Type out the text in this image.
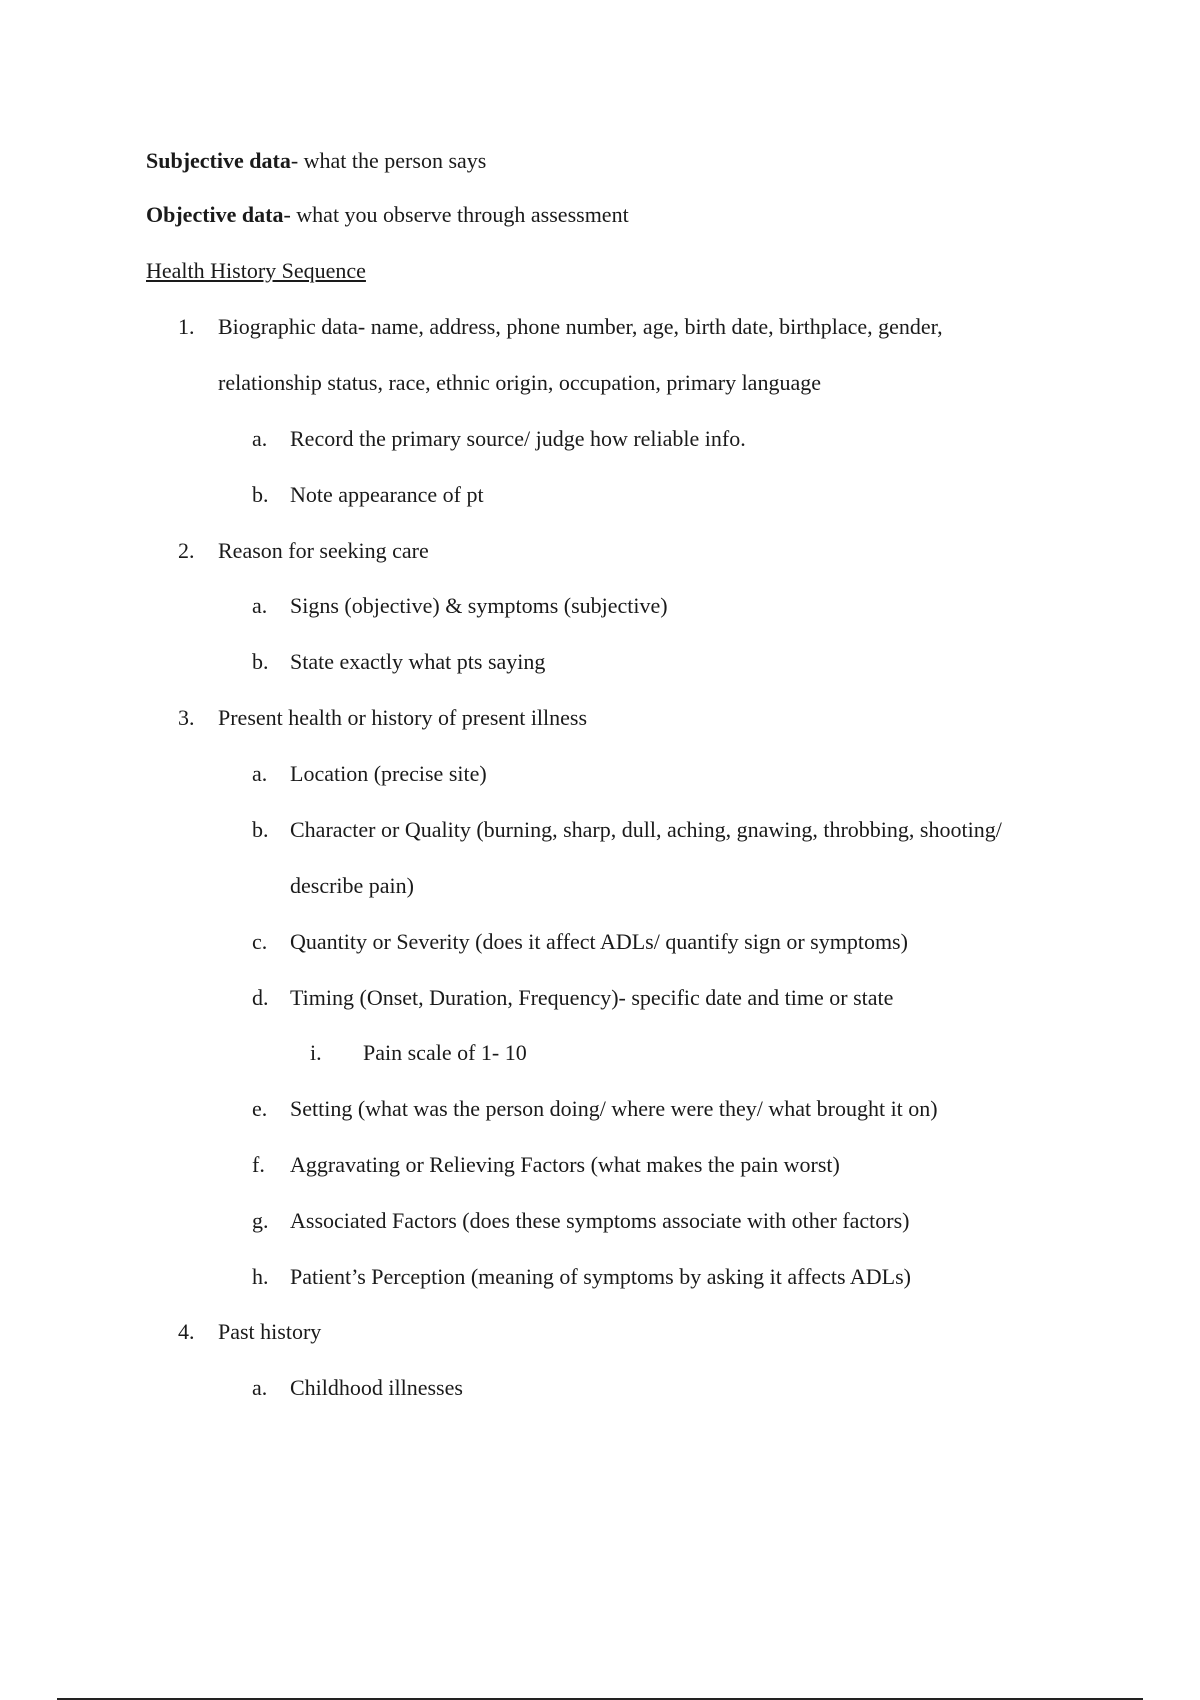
Subjective data- what the person says
Objective data- what you observe through assessment
Health History Sequence
1. Biographic data- name, address, phone number, age, birth date, birthplace, gender,
relationship status, race, ethnic origin, occupation, primary language
a. Record the primary source/ judge how reliable info.
b. Note appearance of pt
2. Reason for seeking care
a. Signs (objective) & symptoms (subjective)
b. State exactly what pts saying
3. Present health or history of present illness
a. Location (precise site)
b. Character or Quality (burning, sharp, dull, aching, gnawing, throbbing, shooting/
describe pain)
c. Quantity or Severity (does it affect ADLs/ quantify sign or symptoms)
d. Timing (Onset, Duration, Frequency)- specific date and time or state
i. Pain scale of 1- 10
e. Setting (what was the person doing/ where were they/ what brought it on)
f. Aggravating or Relieving Factors (what makes the pain worst)
g. Associated Factors (does these symptoms associate with other factors)
h. Patient’s Perception (meaning of symptoms by asking it affects ADLs)
4. Past history
a. Childhood illnesses
